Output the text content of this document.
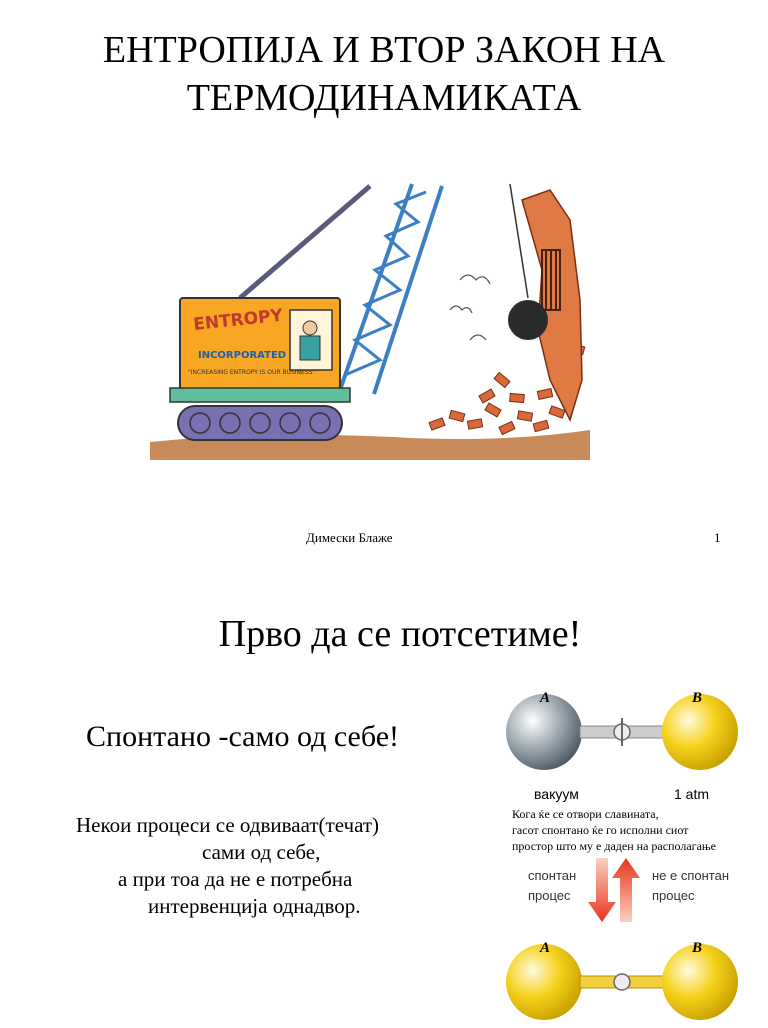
ЕНТРОПИЈА И ВТОР ЗАКОН НА ТЕРМОДИНАМИКАТА
ENTROPY
INCORPORATED
"INCREASING ENTROPY IS OUR BUSINESS"
Димески Блаже	1
Прво да се потсетиме!
Спонтано -само од себе!
Некои процеси се одвиваат(течат)
сами од себе,
а при тоа да не е потребна
интервенција однадвор.
A	B
вакуум	1 atm
Кога ќе се отвори славината,
гасот спонтано ќе го исполни сиот
простор што му е даден на располагање
спонтан
процес
не е спонтан
процес
A	B
